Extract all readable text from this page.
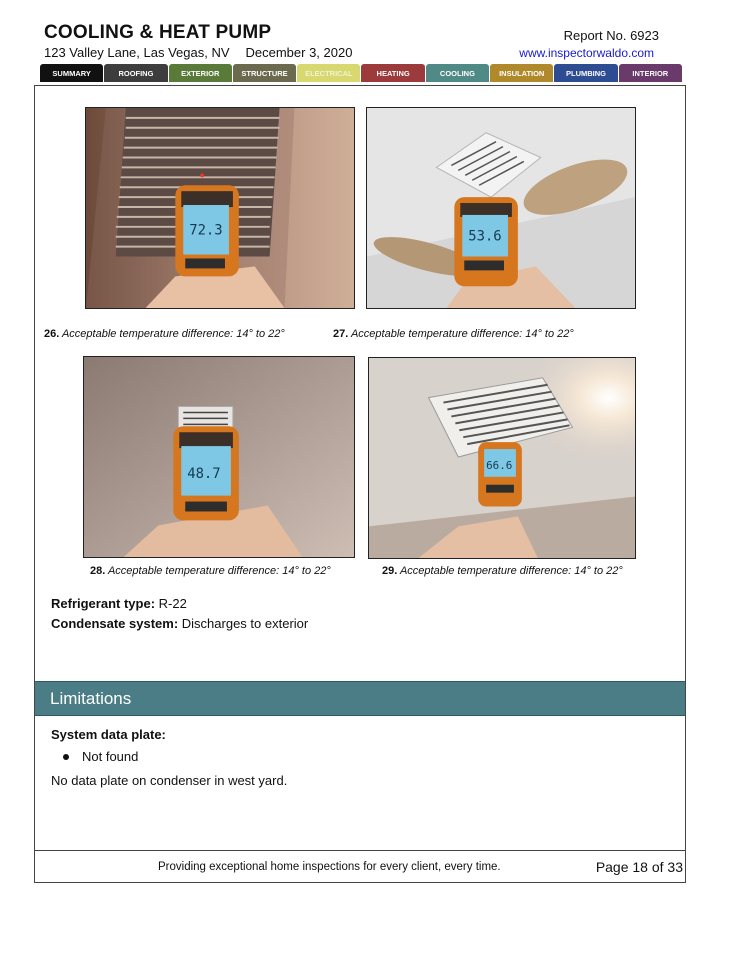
COOLING & HEAT PUMP
123 Valley Lane, Las Vegas, NV December 3, 2020
Report No. 6923
www.inspectorwaldo.com
SUMMARY	ROOFING	EXTERIOR	STRUCTURE ELECTRICAL	HEATING	COOLING	INSULATION	PLUMBING	INTERIOR
72.3	53.6
26. Acceptable temperature difference: 14° to 22°	27. Acceptable temperature difference: 14° to 22°
48.7
66.6
28. Acceptable temperature difference: 14° to 22°	29. Acceptable temperature difference: 14° to 22°
Refrigerant type: R-22
Condensate system: Discharges to exterior
Limitations
System data plate:
Not found
No data plate on condenser in west yard.
Providing exceptional home inspections for every client, every time.	Page 18 of 33
